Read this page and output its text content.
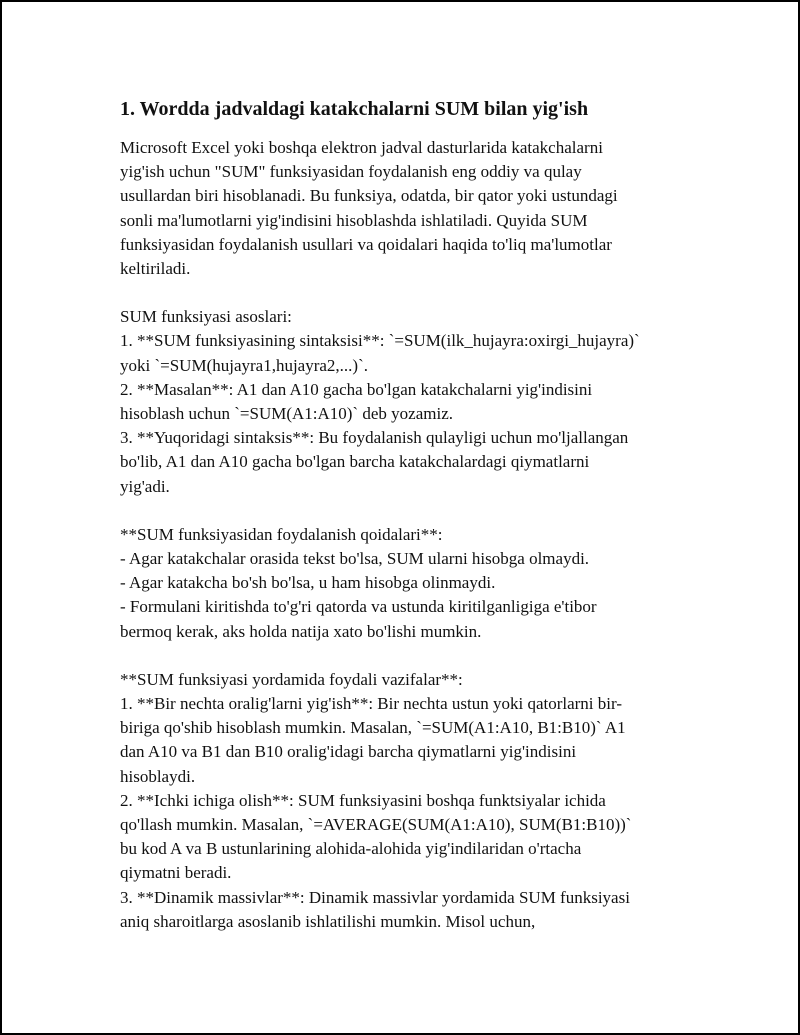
1. Wordda jadvaldagi katakchalarni SUM bilan yig'ish

Microsoft Excel yoki boshqa elektron jadval dasturlarida katakchalarni
yig'ish uchun "SUM" funksiyasidan foydalanish eng oddiy va qulay
usullardan biri hisoblanadi. Bu funksiya, odatda, bir qator yoki ustundagi
sonli ma'lumotlarni yig'indisini hisoblashda ishlatiladi. Quyida SUM
funksiyasidan foydalanish usullari va qoidalari haqida to'liq ma'lumotlar
keltiriladi.

SUM funksiyasi asoslari:
1. **SUM funksiyasining sintaksisi**: `=SUM(ilk_hujayra:oxirgi_hujayra)`
yoki `=SUM(hujayra1,hujayra2,...)`.
2. **Masalan**: A1 dan A10 gacha bo'lgan katakchalarni yig'indisini
hisoblash uchun `=SUM(A1:A10)` deb yozamiz.
3. **Yuqoridagi sintaksis**: Bu foydalanish qulayligi uchun mo'ljallangan
bo'lib, A1 dan A10 gacha bo'lgan barcha katakchalardagi qiymatlarni
yig'adi.

**SUM funksiyasidan foydalanish qoidalari**:
- Agar katakchalar orasida tekst bo'lsa, SUM ularni hisobga olmaydi.
- Agar katakcha bo'sh bo'lsa, u ham hisobga olinmaydi.
- Formulani kiritishda to'g'ri qatorda va ustunda kiritilganligiga e'tibor
bermoq kerak, aks holda natija xato bo'lishi mumkin.

**SUM funksiyasi yordamida foydali vazifalar**:
1. **Bir nechta oralig'larni yig'ish**: Bir nechta ustun yoki qatorlarni bir-
biriga qo'shib hisoblash mumkin. Masalan, `=SUM(A1:A10, B1:B10)` A1
dan A10 va B1 dan B10 oralig'idagi barcha qiymatlarni yig'indisini
hisoblaydi.
2. **Ichki ichiga olish**: SUM funksiyasini boshqa funktsiyalar ichida
qo'llash mumkin. Masalan, `=AVERAGE(SUM(A1:A10), SUM(B1:B10))`
bu kod A va B ustunlarining alohida-alohida yig'indilaridan o'rtacha
qiymatni beradi.
3. **Dinamik massivlar**: Dinamik massivlar yordamida SUM funksiyasi
aniq sharoitlarga asoslanib ishlatilishi mumkin. Misol uchun,
